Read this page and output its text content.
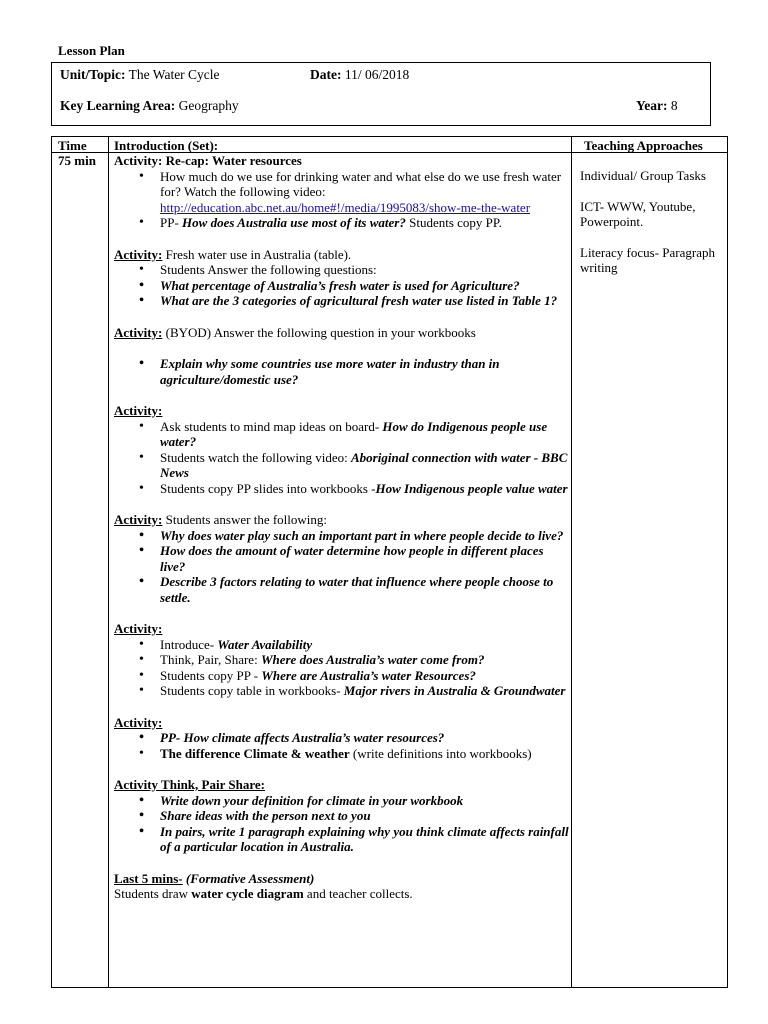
Lesson Plan
Unit/Topic: The Water Cycle	Date: 11/ 06/2018
Key Learning Area: Geography	Year: 8
Time Introduction (Set):	Teaching Approaches
75 min Activity: Re-cap: Water resources
• How much do we use for drinking water and what else do we use fresh water for? Watch the following video:
http://education.abc.net.au/home#!/media/1995083/show-me-the-water
• PP- How does Australia use most of its water? Students copy PP.
Activity: Fresh water use in Australia (table).
• Students Answer the following questions:
• What percentage of Australia’s fresh water is used for Agriculture?
• What are the 3 categories of agricultural fresh water use listed in Table 1?
Activity: (BYOD) Answer the following question in your workbooks
• Explain why some countries use more water in industry than in agriculture/domestic use?
Activity:
• Ask students to mind map ideas on board- How do Indigenous people use water?
• Students watch the following video: Aboriginal connection with water - BBC News
• Students copy PP slides into workbooks -How Indigenous people value water
Activity: Students answer the following:
• Why does water play such an important part in where people decide to live?
• How does the amount of water determine how people in different places live?
• Describe 3 factors relating to water that influence where people choose to settle.
Activity:
• Introduce- Water Availability
• Think, Pair, Share: Where does Australia’s water come from?
• Students copy PP - Where are Australia’s water Resources?
• Students copy table in workbooks- Major rivers in Australia & Groundwater
Activity:
• PP- How climate affects Australia’s water resources?
• The difference Climate & weather (write definitions into workbooks)
Activity Think, Pair Share:
• Write down your definition for climate in your workbook
• Share ideas with the person next to you
• In pairs, write 1 paragraph explaining why you think climate affects rainfall of a particular location in Australia.
Last 5 mins- (Formative Assessment)
Students draw water cycle diagram and teacher collects.

Individual/ Group Tasks

ICT- WWW, Youtube, Powerpoint.

Literacy focus- Paragraph writing
